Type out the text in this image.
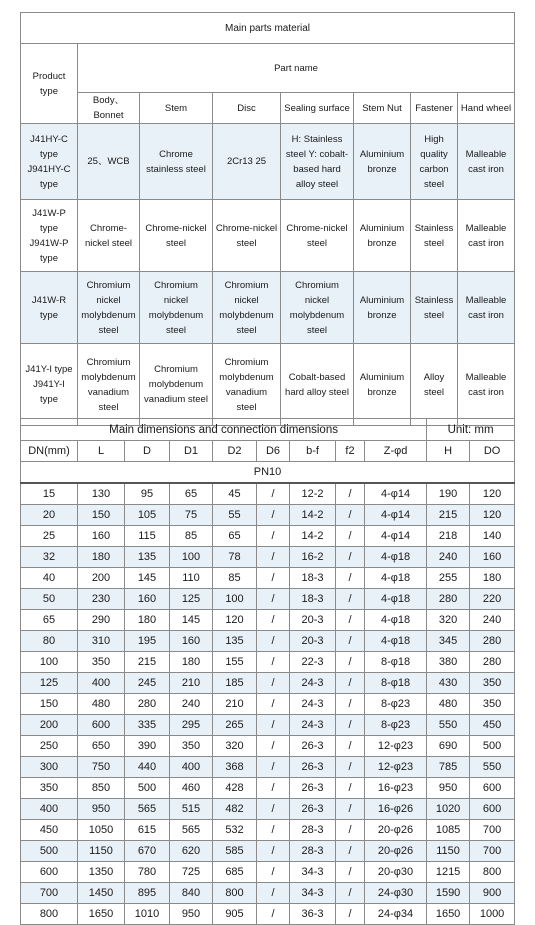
Main parts material							
Product type	Part name						
	Body、Bonnet	Stem	Disc	Sealing surface	Stem Nut	Fastener	Hand wheel
J41HY-C type J941HY-C type	25、WCB	Chrome stainless steel	2Cr13 25	H: Stainless steel Y: cobalt-based hard alloy steel	Aluminium bronze	High quality carbon steel	Malleable cast iron
J41W-P type J941W-P type	Chrome-nickel steel	Chrome-nickel steel	Chrome-nickel steel	Chrome-nickel steel	Aluminium bronze	Stainless steel	Malleable cast iron
J41W-R type	Chromium nickel molybdenum steel	Chromium nickel molybdenum steel	Chromium nickel molybdenum steel	Chromium nickel molybdenum steel	Aluminium bronze	Stainless steel	Malleable cast iron
J41Y-I type J941Y-I type	Chromium molybdenum vanadium steel	Chromium molybdenum vanadium steel	Chromium molybdenum vanadium steel	Cobalt-based hard alloy steel	Aluminium bronze	Alloy steel	Malleable cast iron
Main dimensions and connection dimensions									Unit: mm	
DN(mm)	L	D	D1	D2	D6	b-f	f2	Z-φd	H	DO
PN10										
15	130	95	65	45	/	12-2	/	4-φ14	190	120
20	150	105	75	55	/	14-2	/	4-φ14	215	120
25	160	115	85	65	/	14-2	/	4-φ14	218	140
32	180	135	100	78	/	16-2	/	4-φ18	240	160
40	200	145	110	85	/	18-3	/	4-φ18	255	180
50	230	160	125	100	/	18-3	/	4-φ18	280	220
65	290	180	145	120	/	20-3	/	4-φ18	320	240
80	310	195	160	135	/	20-3	/	4-φ18	345	280
100	350	215	180	155	/	22-3	/	8-φ18	380	280
125	400	245	210	185	/	24-3	/	8-φ18	430	350
150	480	280	240	210	/	24-3	/	8-φ23	480	350
200	600	335	295	265	/	24-3	/	8-φ23	550	450
250	650	390	350	320	/	26-3	/	12-φ23	690	500
300	750	440	400	368	/	26-3	/	12-φ23	785	550
350	850	500	460	428	/	26-3	/	16-φ23	950	600
400	950	565	515	482	/	26-3	/	16-φ26	1020	600
450	1050	615	565	532	/	28-3	/	20-φ26	1085	700
500	1150	670	620	585	/	28-3	/	20-φ26	1150	700
600	1350	780	725	685	/	34-3	/	20-φ30	1215	800
700	1450	895	840	800	/	34-3	/	24-φ30	1590	900
800	1650	1010	950	905	/	36-3	/	24-φ34	1650	1000
